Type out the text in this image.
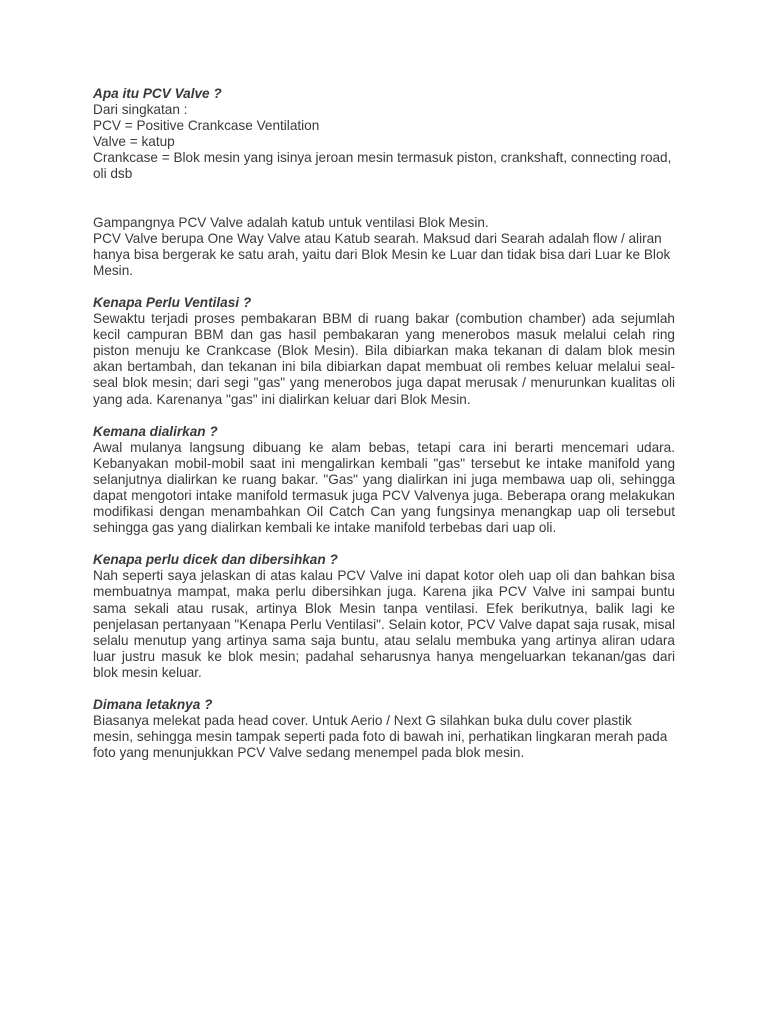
Apa itu PCV Valve ?

Dari singkatan :

PCV = Positive Crankcase Ventilation

Valve = katup

Crankcase = Blok mesin yang isinya jeroan mesin termasuk piston, crankshaft, connecting road, oli dsb

Gampangnya PCV Valve adalah katub untuk ventilasi Blok Mesin.

PCV Valve berupa One Way Valve atau Katub searah. Maksud dari Searah adalah flow / aliran hanya bisa bergerak ke satu arah, yaitu dari Blok Mesin ke Luar dan tidak bisa dari Luar ke Blok Mesin.

Kenapa Perlu Ventilasi ?

Sewaktu terjadi proses pembakaran BBM di ruang bakar (combution chamber) ada sejumlah kecil campuran BBM dan gas hasil pembakaran yang menerobos masuk melalui celah ring piston menuju ke Crankcase (Blok Mesin). Bila dibiarkan maka tekanan di dalam blok mesin akan bertambah, dan tekanan ini bila dibiarkan dapat membuat oli rembes keluar melalui seal-seal blok mesin; dari segi "gas" yang menerobos juga dapat merusak / menurunkan kualitas oli yang ada. Karenanya "gas" ini dialirkan keluar dari Blok Mesin.

Kemana dialirkan ?

Awal mulanya langsung dibuang ke alam bebas, tetapi cara ini berarti mencemari udara. Kebanyakan mobil-mobil saat ini mengalirkan kembali "gas" tersebut ke intake manifold yang selanjutnya dialirkan ke ruang bakar. "Gas" yang dialirkan ini juga membawa uap oli, sehingga dapat mengotori intake manifold termasuk juga PCV Valvenya juga. Beberapa orang melakukan modifikasi dengan menambahkan Oil Catch Can yang fungsinya menangkap uap oli tersebut sehingga gas yang dialirkan kembali ke intake manifold terbebas dari uap oli.

Kenapa perlu dicek dan dibersihkan ?

Nah seperti saya jelaskan di atas kalau PCV Valve ini dapat kotor oleh uap oli dan bahkan bisa membuatnya mampat, maka perlu dibersihkan juga. Karena jika PCV Valve ini sampai buntu sama sekali atau rusak, artinya Blok Mesin tanpa ventilasi. Efek berikutnya, balik lagi ke penjelasan pertanyaan "Kenapa Perlu Ventilasi". Selain kotor, PCV Valve dapat saja rusak, misal selalu menutup yang artinya sama saja buntu, atau selalu membuka yang artinya aliran udara luar justru masuk ke blok mesin; padahal seharusnya hanya mengeluarkan tekanan/gas dari blok mesin keluar.

Dimana letaknya ?

Biasanya melekat pada head cover. Untuk Aerio / Next G silahkan buka dulu cover plastik mesin, sehingga mesin tampak seperti pada foto di bawah ini, perhatikan lingkaran merah pada foto yang menunjukkan PCV Valve sedang menempel pada blok mesin.
